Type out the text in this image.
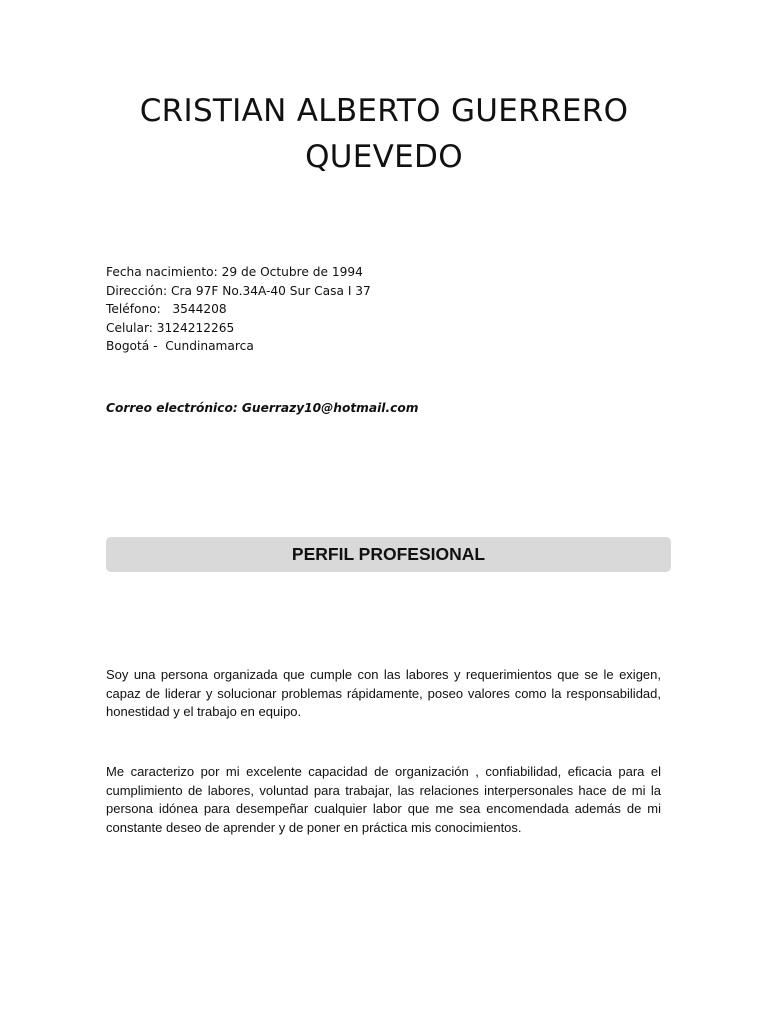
CRISTIAN ALBERTO GUERRERO QUEVEDO
Fecha nacimiento: 29 de Octubre de 1994
Dirección: Cra 97F No.34A-40 Sur Casa I 37
Teléfono:   3544208
Celular: 3124212265
Bogotá -  Cundinamarca
Correo electrónico: Guerrazy10@hotmail.com
PERFIL PROFESIONAL

Soy una persona organizada que cumple con las labores y requerimientos que se le exigen, capaz de liderar y solucionar problemas rápidamente, poseo valores como la responsabilidad, honestidad y el trabajo en equipo.

Me caracterizo por mi excelente capacidad de organización , confiabilidad, eficacia para el cumplimiento de labores, voluntad para trabajar, las relaciones interpersonales hace de mi la persona idónea para desempeñar cualquier labor que me sea encomendada además de mi constante deseo de aprender y de poner en práctica mis conocimientos.
